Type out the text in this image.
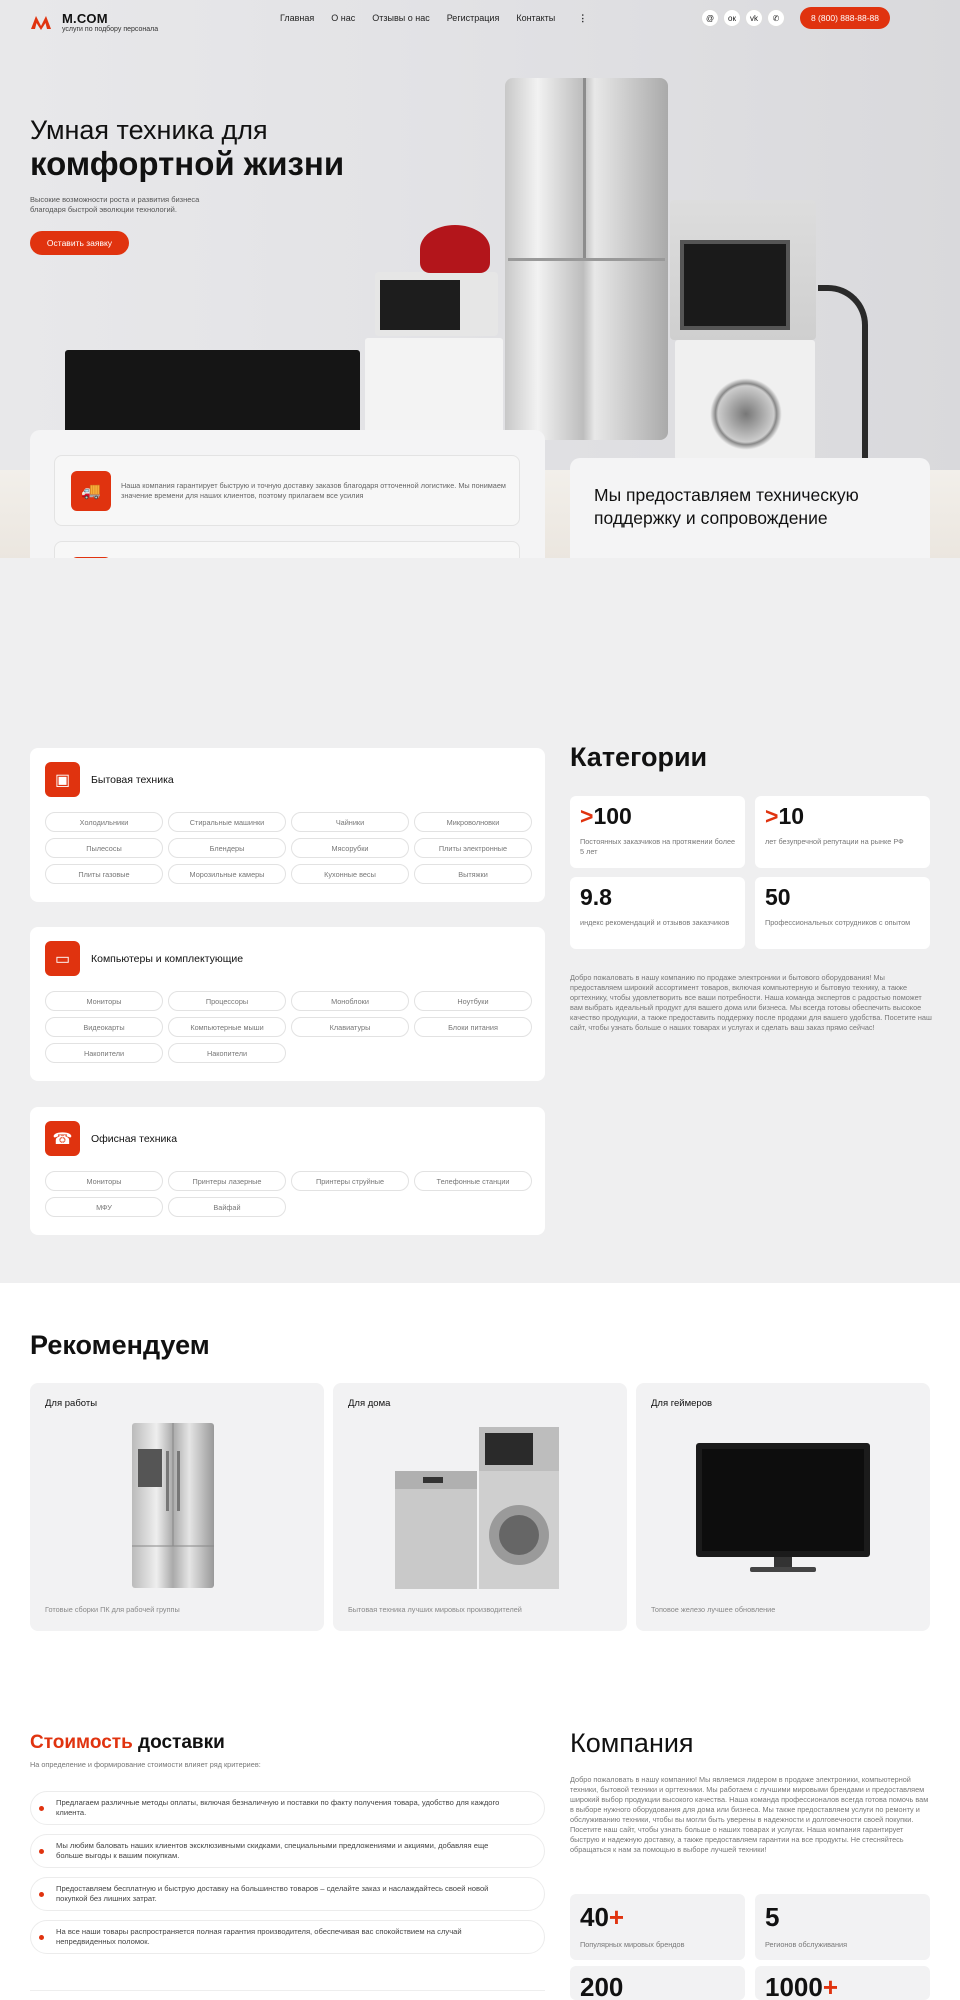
Умная техника для
комфортной жизни
Высокие возможности роста и развития бизнеса благодаря быстрой эволюции технологий.
Оставить заявку
M.COM
услуги по подбору персонала
Главная О нас Отзывы о нас Регистрация Контакты	⋮	@	ок	vk	✆	8 (800) 888-88-88
🚚	Наша компания гарантирует быструю и точную доставку заказов благодаря отточенной логистике. Мы понимаем значение времени для наших клиентов, поэтому прилагаем все усилия	Мы предоставляем техническую поддержку и сопровождение
▣	Бытовая техника
Холодильники	Стиральные машинки	Чайники	Микроволновки
Пылесосы	Блендеры	Мясорубки	Плиты электронные
Плиты газовые	Морозильные камеры	Кухонные весы	Вытяжки
▭	Компьютеры и комплектующие
Мониторы	Процессоры	Моноблоки	Ноутбуки
Видеокарты	Компьютерные мыши	Клавиатуры	Блоки питания
Накопители	Накопители
☎	Офисная техника
Мониторы	Принтеры лазерные	Принтеры струйные	Телефонные станции
МФУ	Вайфай
Категории
>100
Постоянных заказчиков на протяжении более 5 лет
>10
лет безупречной репутации на рынке РФ
9.8
индекс рекомендаций и отзывов заказчиков
50
Профессиональных сотрудников с опытом
Добро пожаловать в нашу компанию по продаже электроники и бытового оборудования! Мы предоставляем широкий ассортимент товаров, включая компьютерную и бытовую технику, а также оргтехнику, чтобы удовлетворить все ваши потребности. Наша команда экспертов с радостью поможет вам выбрать идеальный продукт для вашего дома или бизнеса. Мы всегда готовы обеспечить высокое качество продукции, а также предоставить поддержку после продажи для вашего удобства. Посетите наш сайт, чтобы узнать больше о наших товарах и услугах и сделать ваш заказ прямо сейчас!
Рекомендуем
Для работы
Готовые сборки ПК для рабочей группы
Для дома
Бытовая техника лучших мировых производителей
Для геймеров
Топовое железо лучшее обновление
Стоимость доставки
На определение и формирование стоимости влияет ряд критериев:

Предлагаем различные методы оплаты, включая безналичную и поставки по факту получения товара, удобство для каждого клиента.

Мы любим баловать наших клиентов эксклюзивными скидками, специальными предложениями и акциями, добавляя еще больше выгоды к вашим покупкам.

Предоставляем бесплатную и быструю доставку на большинство товаров – сделайте заказ и наслаждайтесь своей новой покупкой без лишних затрат.

На все наши товары распространяется полная гарантия производителя, обеспечивая вас спокойствием на случай непредвиденных поломок.

Компания
Добро пожаловать в нашу компанию! Мы являемся лидером в продаже электроники, компьютерной техники, бытовой техники и оргтехники. Мы работаем с лучшими мировыми брендами и предоставляем широкий выбор продукции высокого качества. Наша команда профессионалов всегда готова помочь вам в выборе нужного оборудования для дома или бизнеса. Мы также предоставляем услуги по ремонту и обслуживанию техники, чтобы вы могли быть уверены в надежности и долговечности своей покупки. Посетите наш сайт, чтобы узнать больше о наших товарах и услугах. Наша компания гарантирует быструю и надежную доставку, а также предоставляем гарантии на все продукты. Не стесняйтесь обращаться к нам за помощью в выборе лучшей техники!
40+
Популярных мировых брендов
5
Регионов обслуживания
200	1000+
